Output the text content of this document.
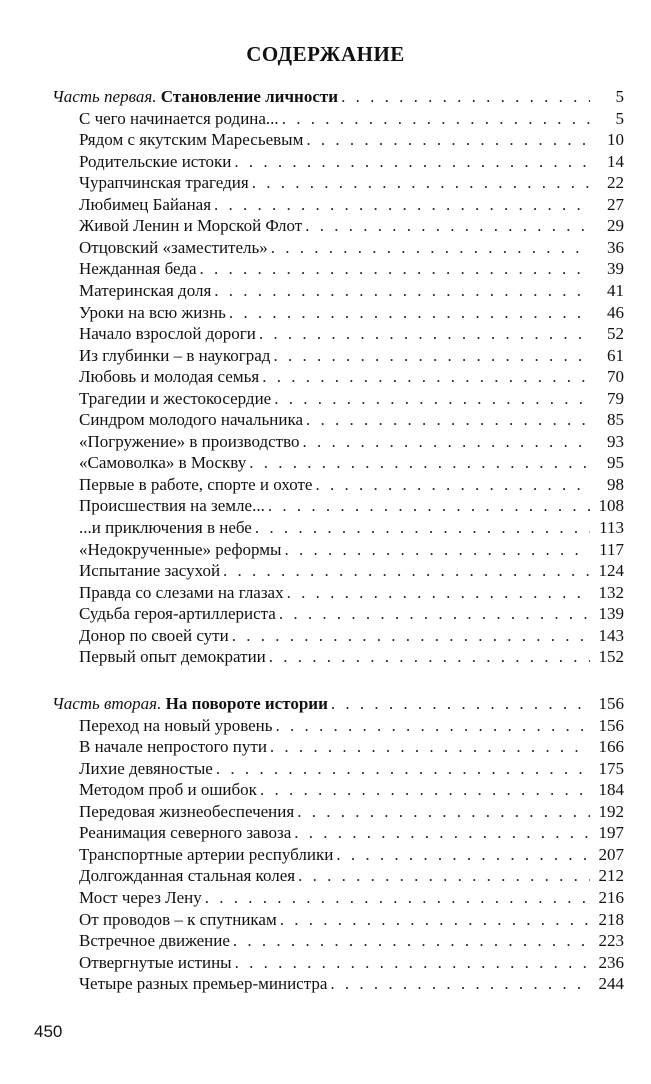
СОДЕРЖАНИЕ
Часть первая. Становление личности . . .	5
С чего начинается родина... . . .	5
Рядом с якутским Маресьевым . . .	10
Родительские истоки . . .	14
Чурапчинская трагедия . . .	22
Любимец Байаная . . .	27
Живой Ленин и Морской Флот . . .	29
Отцовский «заместитель» . . .	36
Нежданная беда . . .	39
Материнская доля . . .	41
Уроки на всю жизнь . . .	46
Начало взрослой дороги . . .	52
Из глубинки – в наукоград . . .	61
Любовь и молодая семья . . .	70
Трагедии и жестокосердие . . .	79
Синдром молодого начальника . . .	85
«Погружение» в производство . . .	93
«Самоволка» в Москву . . .	95
Первые в работе, спорте и охоте . . .	98
Происшествия на земле... . . .	108
...и приключения в небе . . .	113
«Недокрученные» реформы . . .	117
Испытание засухой . . .	124
Правда со слезами на глазах . . .	132
Судьба героя-артиллериста . . .	139
Донор по своей сути . . .	143
Первый опыт демократии . . .	152
Часть вторая. На повороте истории . . .	156
Переход на новый уровень . . .	156
В начале непростого пути . . .	166
Лихие девяностые . . .	175
Методом проб и ошибок . . .	184
Передовая жизнеобеспечения . . .	192
Реанимация северного завоза . . .	197
Транспортные артерии республики . . .	207
Долгожданная стальная колея . . .	212
Мост через Лену . . .	216
От проводов – к спутникам . . .	218
Встречное движение . . .	223
Отвергнутые истины . . .	236
Четыре разных премьер-министра . . .	244
450
